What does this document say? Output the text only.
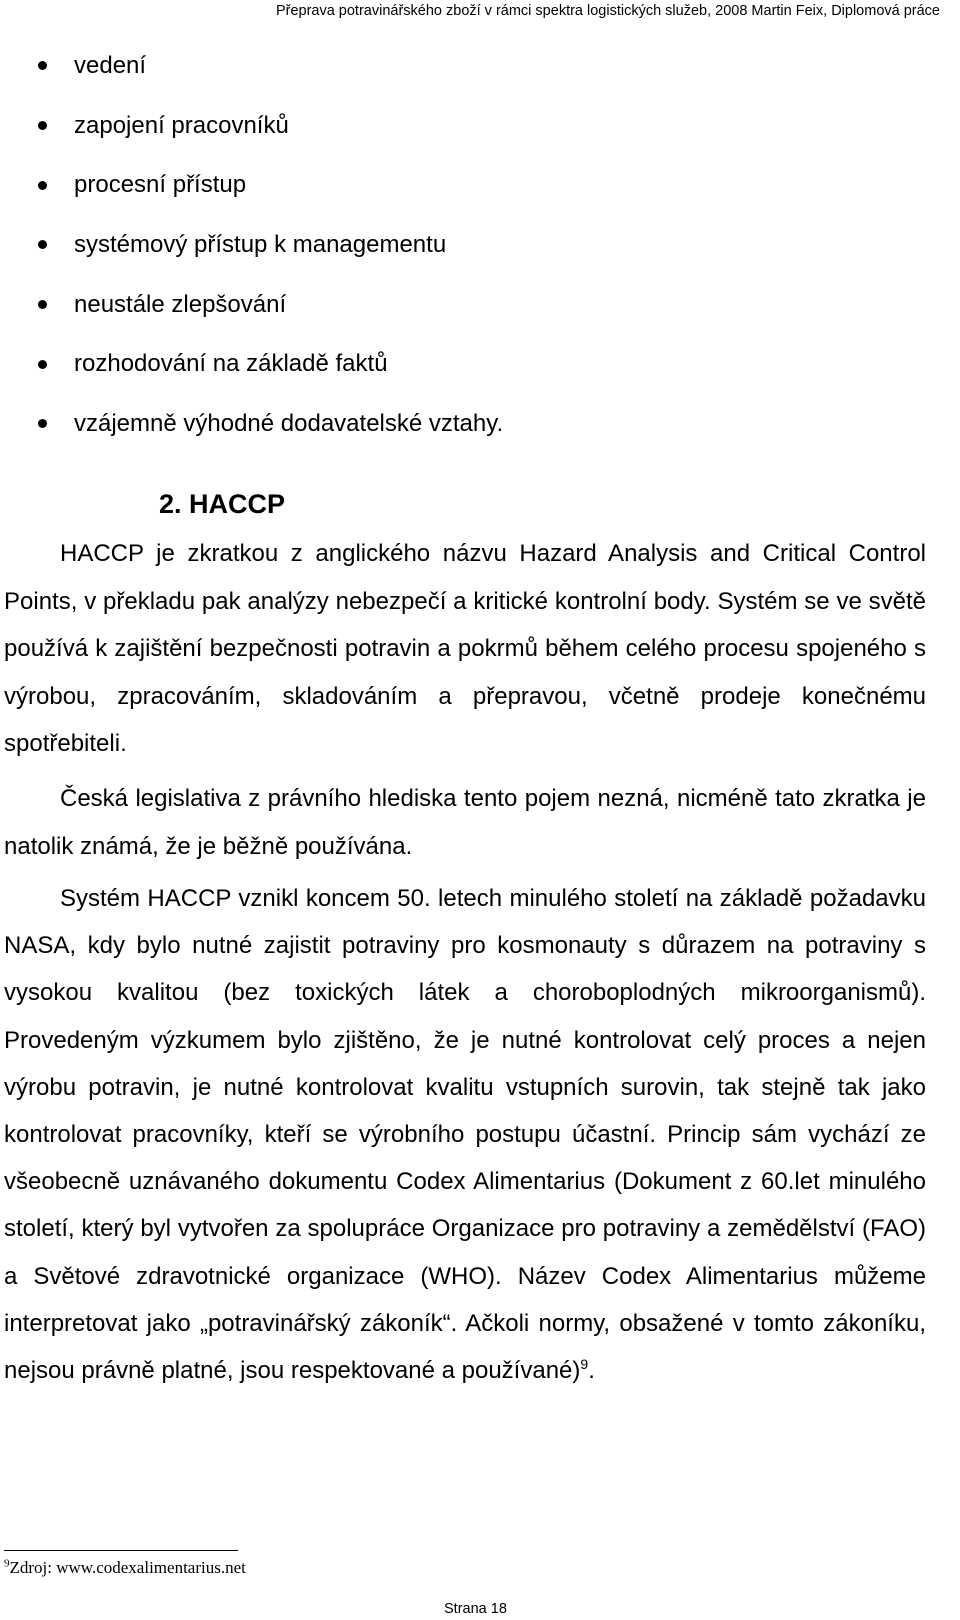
Přeprava potravinářského zboží v rámci spektra logistických služeb, 2008 Martin Feix, Diplomová práce
vedení
zapojení pracovníků
procesní přístup
systémový přístup k managementu
neustále zlepšování
rozhodování na základě faktů
vzájemně výhodné dodavatelské vztahy.
2. HACCP

HACCP je zkratkou z anglického názvu Hazard Analysis and Critical Control Points, v překladu pak analýzy nebezpečí a kritické kontrolní body. Systém se ve světě používá k zajištění bezpečnosti potravin a pokrmů během celého procesu spojeného s výrobou, zpracováním, skladováním a přepravou, včetně prodeje konečnému spotřebiteli.

Česká legislativa z právního hlediska tento pojem nezná, nicméně tato zkratka je natolik známá, že je běžně používána.

Systém HACCP vznikl koncem 50. letech minulého století na základě požadavku NASA, kdy bylo nutné zajistit potraviny pro kosmonauty s důrazem na potraviny s vysokou kvalitou (bez toxických látek a choroboplodných mikroorganismů). Provedeným výzkumem bylo zjištěno, že je nutné kontrolovat celý proces a nejen výrobu potravin, je nutné kontrolovat kvalitu vstupních surovin, tak stejně tak jako kontrolovat pracovníky, kteří se výrobního postupu účastní. Princip sám vychází ze všeobecně uznávaného dokumentu Codex Alimentarius (Dokument z 60.let minulého století, který byl vytvořen za spolupráce Organizace pro potraviny a zemědělství (FAO) a Světové zdravotnické organizace (WHO). Název Codex Alimentarius můžeme interpretovat jako „potravinářský zákoník“. Ačkoli normy, obsažené v tomto zákoníku, nejsou právně platné, jsou respektované a používané)$^9$.

$^9$Zdroj: www.codexalimentarius.net
Strana 18
